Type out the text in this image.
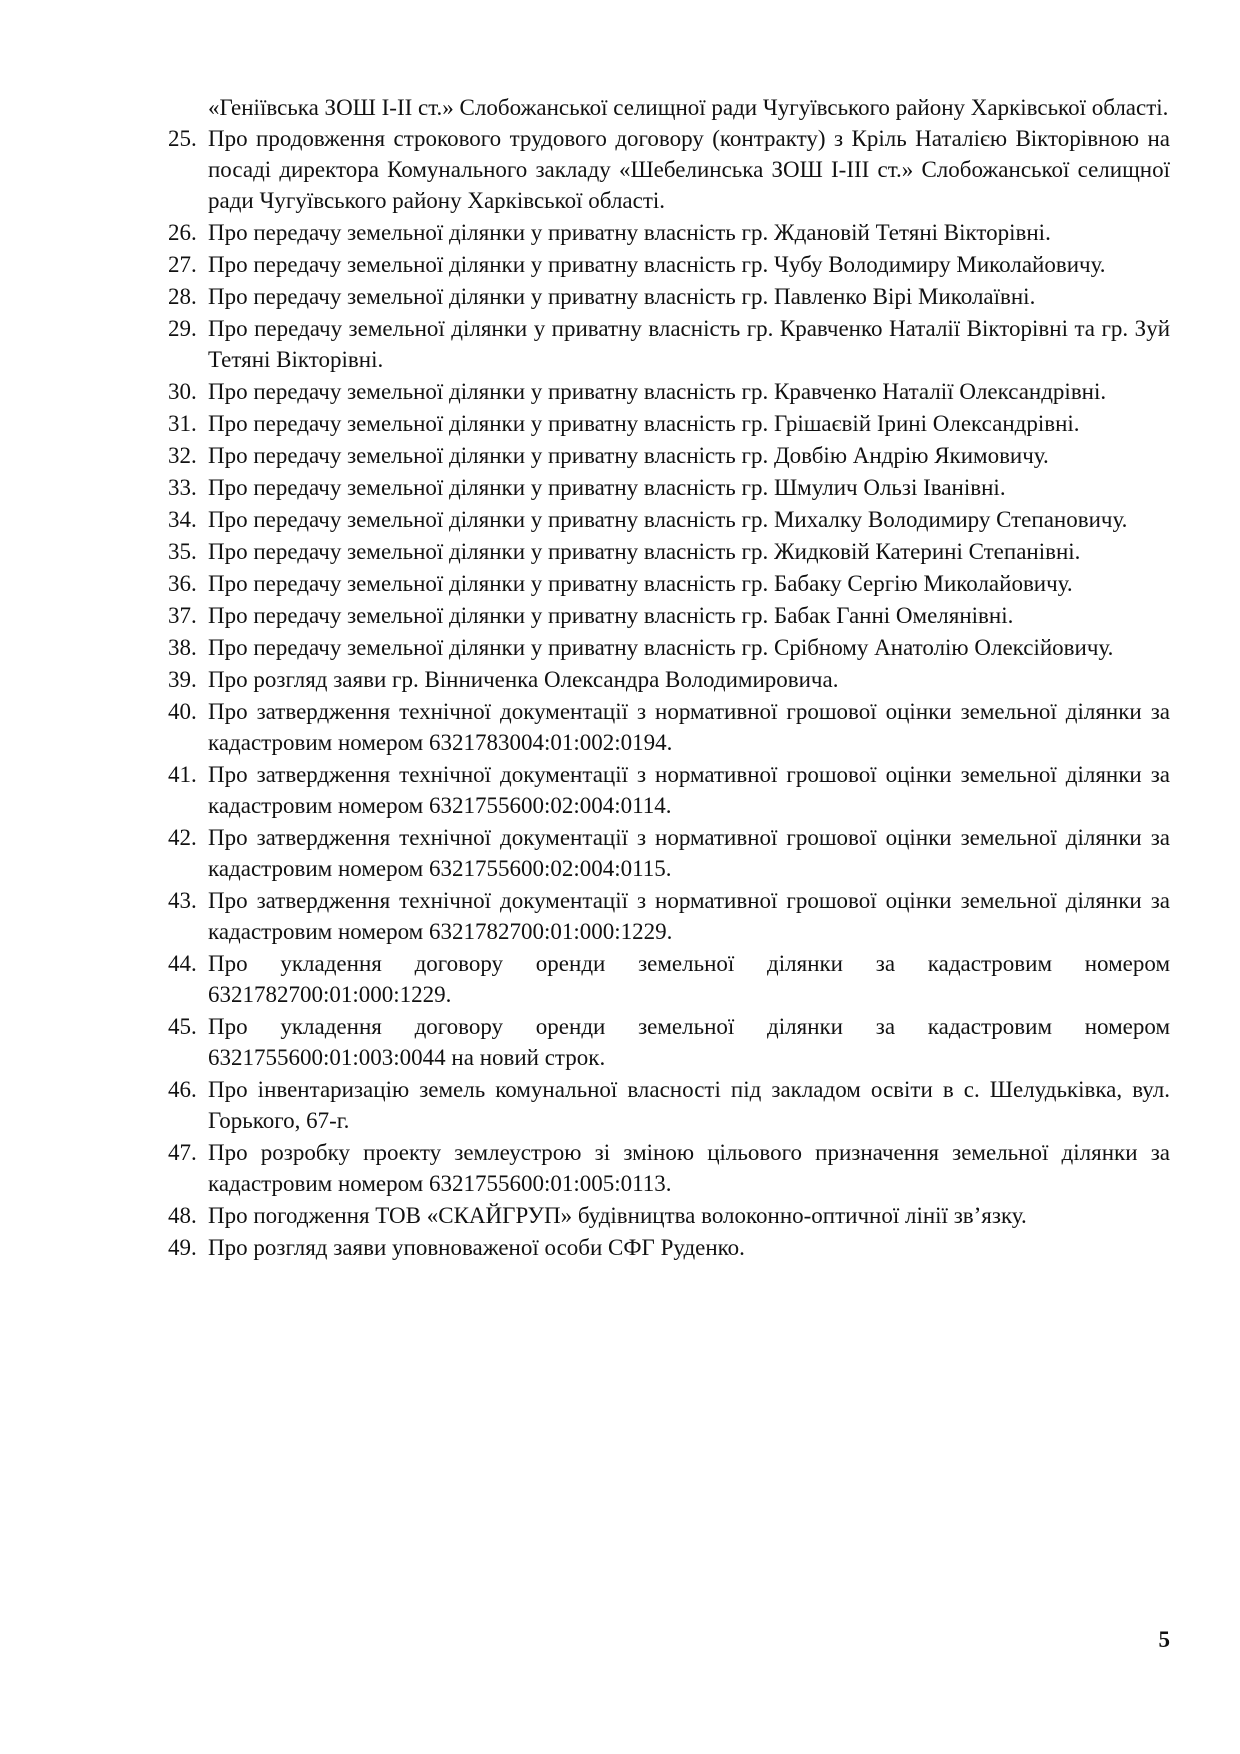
«Геніївська ЗОШ I-II ст.» Слобожанської селищної ради Чугуївського району Харківської області.
25. Про продовження строкового трудового договору (контракту) з Кріль Наталією Вікторівною на посаді директора Комунального закладу «Шебелинська ЗОШ I-III ст.» Слобожанської селищної ради Чугуївського району Харківської області.
26. Про передачу земельної ділянки у приватну власність гр. Ждановій Тетяні Вікторівні.
27. Про передачу земельної ділянки у приватну власність гр. Чубу Володимиру Миколайовичу.
28. Про передачу земельної ділянки у приватну власність гр. Павленко Вірі Миколаївні.
29. Про передачу земельної ділянки у приватну власність гр. Кравченко Наталії Вікторівні та гр. Зуй Тетяні Вікторівні.
30. Про передачу земельної ділянки у приватну власність гр. Кравченко Наталії Олександрівні.
31. Про передачу земельної ділянки у приватну власність гр. Грішаєвій Ірині Олександрівні.
32. Про передачу земельної ділянки у приватну власність гр. Довбію Андрію Якимовичу.
33. Про передачу земельної ділянки у приватну власність гр. Шмулич Ользі Іванівні.
34. Про передачу земельної ділянки у приватну власність гр. Михалку Володимиру Степановичу.
35. Про передачу земельної ділянки у приватну власність гр. Жидковій Катерині Степанівні.
36. Про передачу земельної ділянки у приватну власність гр. Бабаку Сергію Миколайовичу.
37. Про передачу земельної ділянки у приватну власність гр. Бабак Ганні Омелянівні.
38. Про передачу земельної ділянки у приватну власність гр. Срібному Анатолію Олексійовичу.
39. Про розгляд заяви гр. Вінниченка Олександра Володимировича.
40. Про затвердження технічної документації з нормативної грошової оцінки земельної ділянки за кадастровим номером 6321783004:01:002:0194.
41. Про затвердження технічної документації з нормативної грошової оцінки земельної ділянки за кадастровим номером 6321755600:02:004:0114.
42. Про затвердження технічної документації з нормативної грошової оцінки земельної ділянки за кадастровим номером 6321755600:02:004:0115.
43. Про затвердження технічної документації з нормативної грошової оцінки земельної ділянки за кадастровим номером 6321782700:01:000:1229.
44. Про укладення договору оренди земельної ділянки за кадастровим номером 6321782700:01:000:1229.
45. Про укладення договору оренди земельної ділянки за кадастровим номером 6321755600:01:003:0044 на новий строк.
46. Про інвентаризацію земель комунальної власності під закладом освіти в с. Шелудьківка, вул. Горького, 67-г.
47. Про розробку проекту землеустрою зі зміною цільового призначення земельної ділянки за кадастровим номером 6321755600:01:005:0113.
48. Про погодження ТОВ «СКАЙГРУП» будівництва волоконно-оптичної лінії зв’язку.
49. Про розгляд заяви уповноваженої особи СФГ Руденко.
5
